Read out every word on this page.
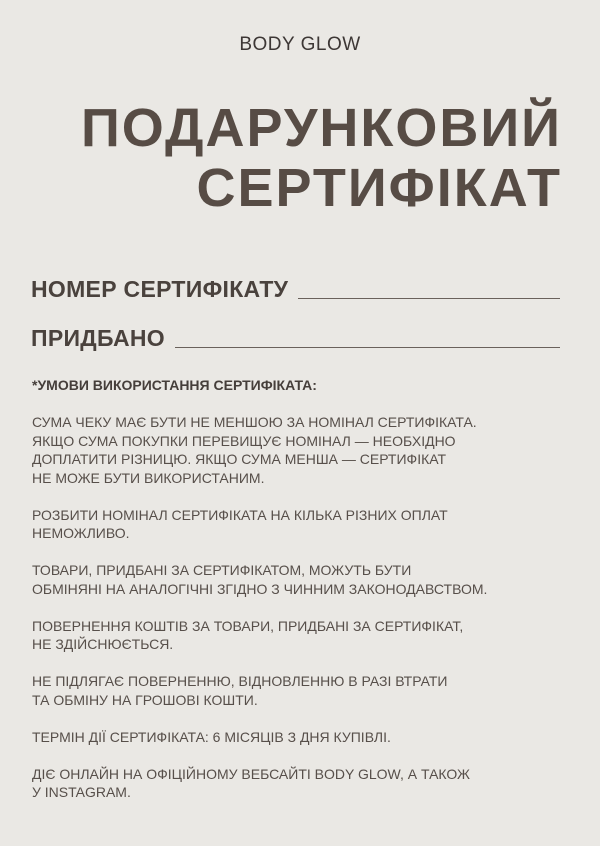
BODY GLOW
ПОДАРУНКОВИЙ
СЕРТИФІКАТ
НОМЕР СЕРТИФІКАТУ
ПРИДБАНО
*УМОВИ ВИКОРИСТАННЯ СЕРТИФІКАТА:
СУМА ЧЕКУ МАЄ БУТИ НЕ МЕНШОЮ ЗА НОМІНАЛ СЕРТИФІКАТА.
ЯКЩО СУМА ПОКУПКИ ПЕРЕВИЩУЄ НОМІНАЛ — НЕОБХІДНО
ДОПЛАТИТИ РІЗНИЦЮ. ЯКЩО СУМА МЕНША — СЕРТИФІКАТ
НЕ МОЖЕ БУТИ ВИКОРИСТАНИМ.
РОЗБИТИ НОМІНАЛ СЕРТИФІКАТА НА КІЛЬКА РІЗНИХ ОПЛАТ
НЕМОЖЛИВО.
ТОВАРИ, ПРИДБАНІ ЗА СЕРТИФІКАТОМ, МОЖУТЬ БУТИ
ОБМІНЯНІ НА АНАЛОГІЧНІ ЗГІДНО З ЧИННИМ ЗАКОНОДАВСТВОМ.
ПОВЕРНЕННЯ КОШТІВ ЗА ТОВАРИ, ПРИДБАНІ ЗА СЕРТИФІКАТ,
НЕ ЗДІЙСНЮЄТЬСЯ.
НЕ ПІДЛЯГАЄ ПОВЕРНЕННЮ, ВІДНОВЛЕННЮ В РАЗІ ВТРАТИ
ТА ОБМІНУ НА ГРОШОВІ КОШТИ.
ТЕРМІН ДІЇ СЕРТИФІКАТА: 6 МІСЯЦІВ З ДНЯ КУПІВЛІ.
ДІЄ ОНЛАЙН НА ОФІЦІЙНОМУ ВЕБСАЙТІ BODY GLOW, А ТАКОЖ
У INSTAGRAM.
